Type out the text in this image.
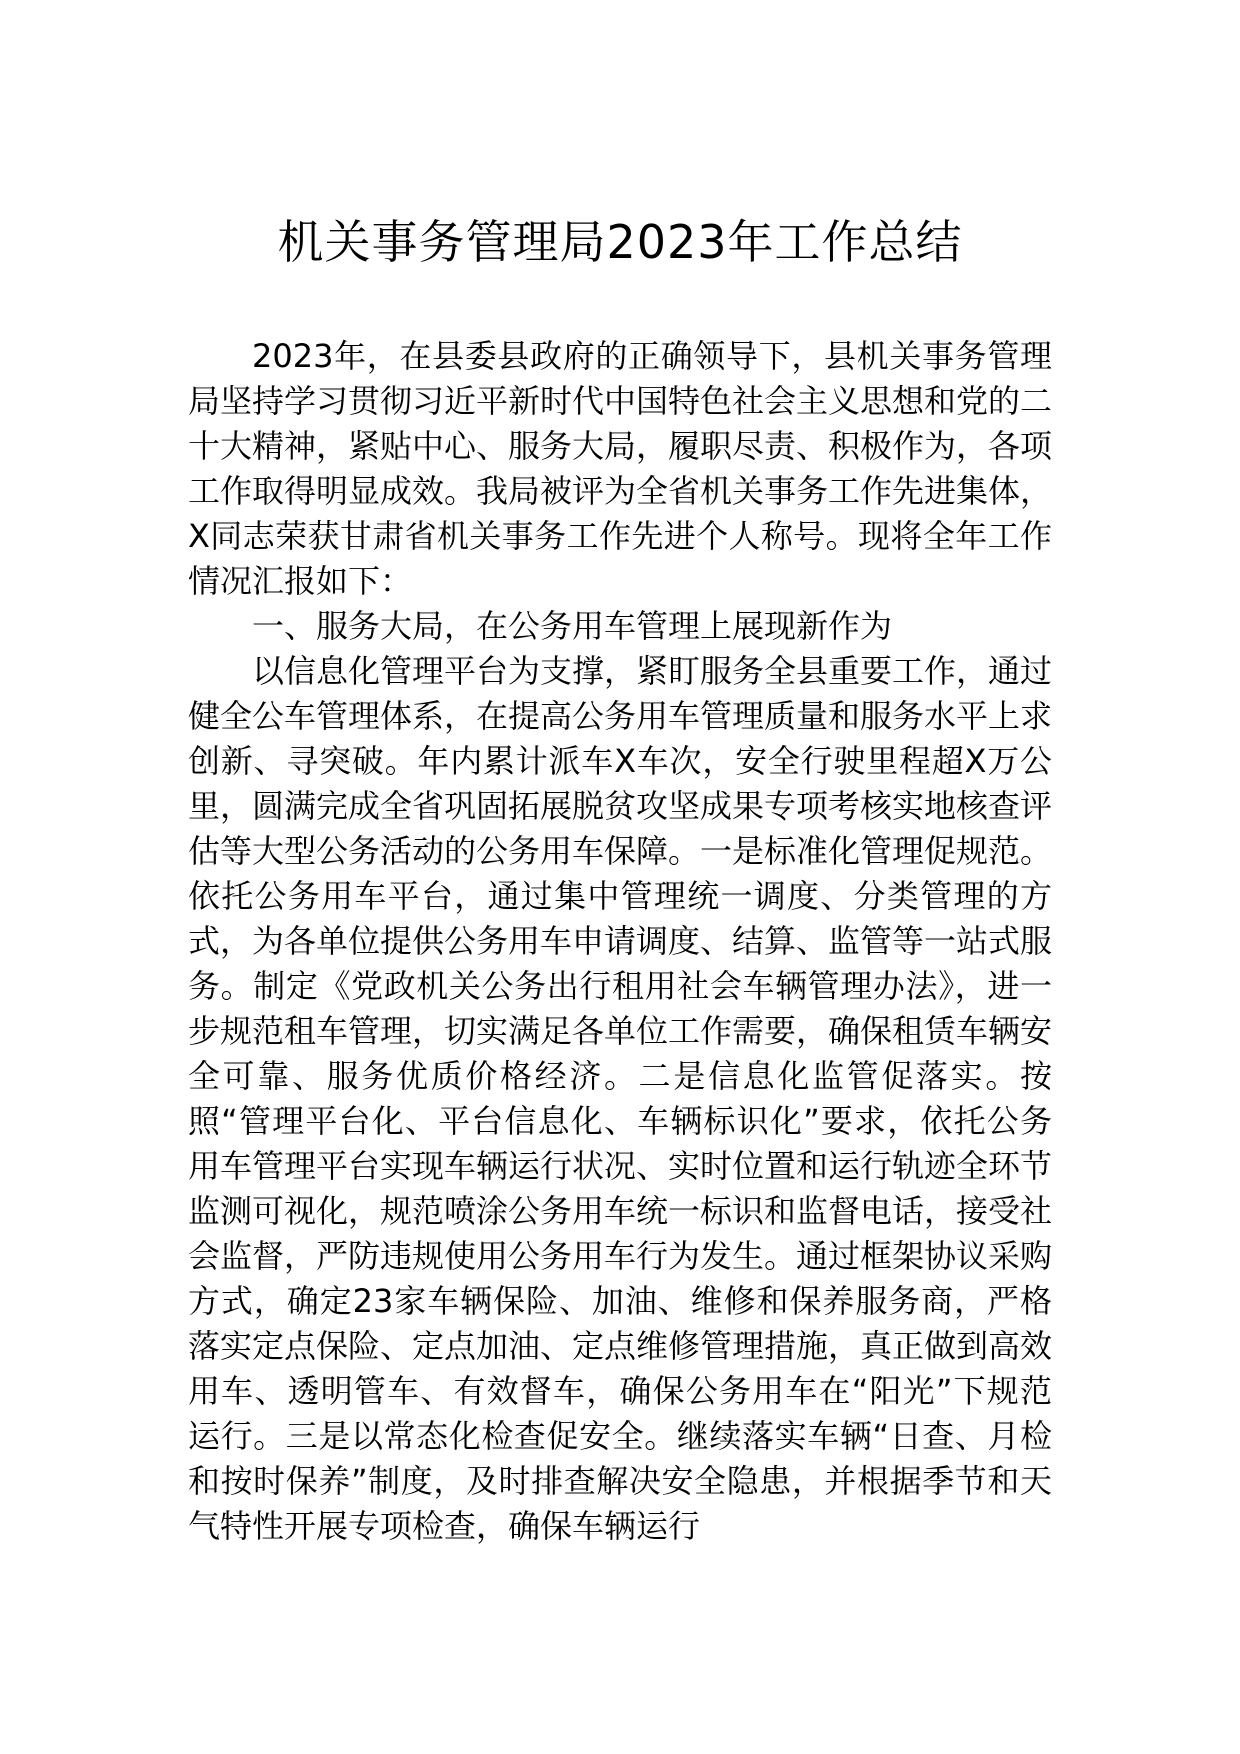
机关事务管理局2023年工作总结

2023年，在县委县政府的正确领导下，县机关事务管理局坚持学习贯彻习近平新时代中国特色社会主义思想和党的二十大精神，紧贴中心、服务大局，履职尽责、积极作为，各项工作取得明显成效。我局被评为全省机关事务工作先进集体，X同志荣获甘肃省机关事务工作先进个人称号。现将全年工作情况汇报如下：

一、服务大局，在公务用车管理上展现新作为

以信息化管理平台为支撑，紧盯服务全县重要工作，通过健全公车管理体系，在提高公务用车管理质量和服务水平上求创新、寻突破。年内累计派车X车次，安全行驶里程超X万公里，圆满完成全省巩固拓展脱贫攻坚成果专项考核实地核查评估等大型公务活动的公务用车保障。一是标准化管理促规范。依托公务用车平台，通过集中管理统一调度、分类管理的方式，为各单位提供公务用车申请调度、结算、监管等一站式服务。制定《党政机关公务出行租用社会车辆管理办法》，进一步规范租车管理，切实满足各单位工作需要，确保租赁车辆安全可靠、服务优质价格经济。二是信息化监管促落实。按照“管理平台化、平台信息化、车辆标识化”要求，依托公务用车管理平台实现车辆运行状况、实时位置和运行轨迹全环节监测可视化，规范喷涂公务用车统一标识和监督电话，接受社会监督，严防违规使用公务用车行为发生。通过框架协议采购方式，确定23家车辆保险、加油、维修和保养服务商，严格落实定点保险、定点加油、定点维修管理措施，真正做到高效用车、透明管车、有效督车，确保公务用车在“阳光”下规范运行。三是以常态化检查促安全。继续落实车辆“日查、月检和按时保养”制度，及时排查解决安全隐患，并根据季节和天气特性开展专项检查，确保车辆运行
